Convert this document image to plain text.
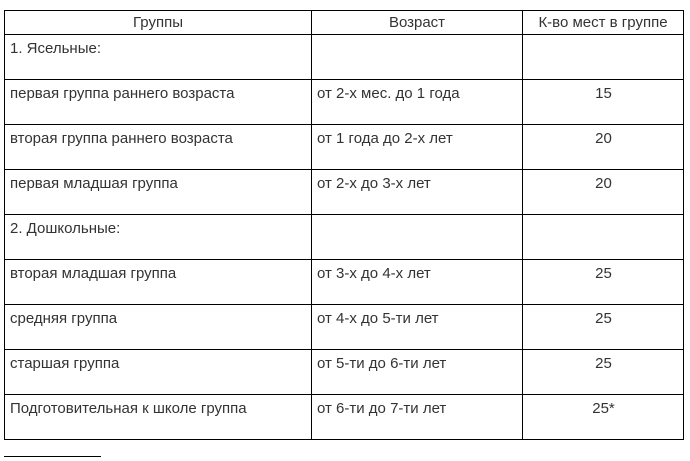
Группы	Возраст	К-во мест в группе
1. Ясельные:		
первая группа раннего возраста	от 2-х мес. до 1 года	15
вторая группа раннего возраста	от 1 года до 2-х лет	20
первая младшая группа	от 2-х до 3-х лет	20
2. Дошкольные:		
вторая младшая группа	от 3-х до 4-х лет	25
средняя группа	от 4-х до 5-ти лет	25
старшая группа	от 5-ти до 6-ти лет	25
Подготовительная к школе группа	от 6-ти до 7-ти лет	25*
